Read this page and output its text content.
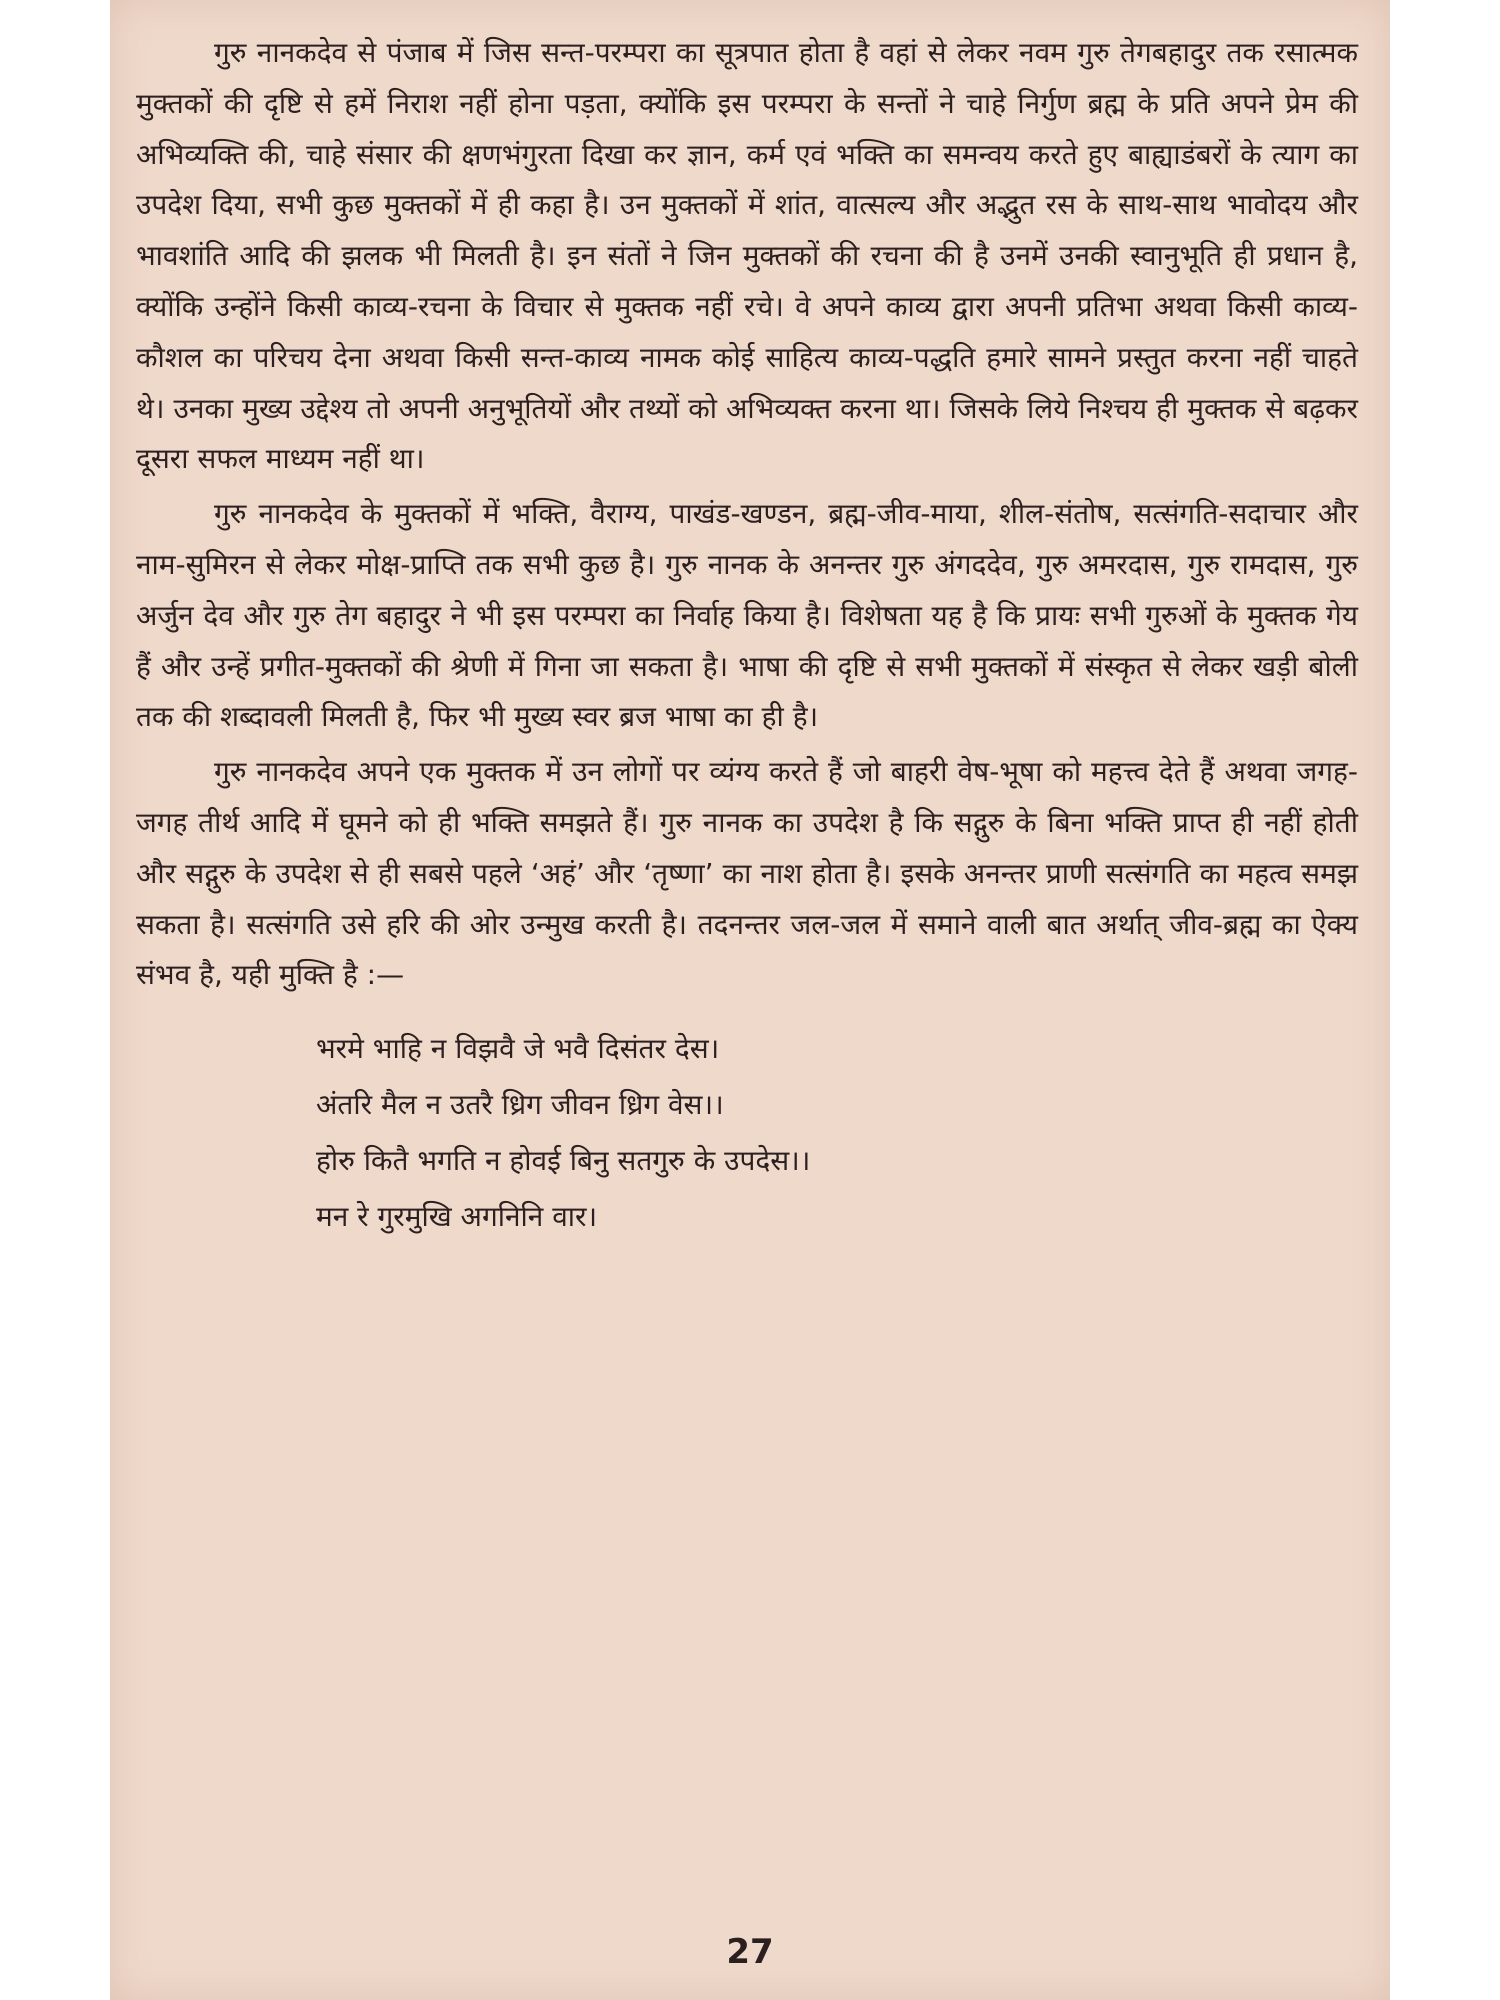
गुरु नानकदेव से पंजाब में जिस सन्त-परम्परा का सूत्रपात होता है वहां से लेकर नवम गुरु तेगबहादुर तक रसात्मक मुक्तकों की दृष्टि से हमें निराश नहीं होना पड़ता, क्योंकि इस परम्परा के सन्तों ने चाहे निर्गुण ब्रह्म के प्रति अपने प्रेम की अभिव्यक्ति की, चाहे संसार की क्षणभंगुरता दिखा कर ज्ञान, कर्म एवं भक्ति का समन्वय करते हुए बाह्याडंबरों के त्याग का उपदेश दिया, सभी कुछ मुक्तकों में ही कहा है। उन मुक्तकों में शांत, वात्सल्य और अद्भुत रस के साथ-साथ भावोदय और भावशांति आदि की झलक भी मिलती है। इन संतों ने जिन मुक्तकों की रचना की है उनमें उनकी स्वानुभूति ही प्रधान है, क्योंकि उन्होंने किसी काव्य-रचना के विचार से मुक्तक नहीं रचे। वे अपने काव्य द्वारा अपनी प्रतिभा अथवा किसी काव्य-कौशल का परिचय देना अथवा किसी सन्त-काव्य नामक कोई साहित्य काव्य-पद्धति हमारे सामने प्रस्तुत करना नहीं चाहते थे। उनका मुख्य उद्देश्य तो अपनी अनुभूतियों और तथ्यों को अभिव्यक्त करना था। जिसके लिये निश्चय ही मुक्तक से बढ़कर दूसरा सफल माध्यम नहीं था।

गुरु नानकदेव के मुक्तकों में भक्ति, वैराग्य, पाखंड-खण्डन, ब्रह्म-जीव-माया, शील-संतोष, सत्संगति-सदाचार और नाम-सुमिरन से लेकर मोक्ष-प्राप्ति तक सभी कुछ है। गुरु नानक के अनन्तर गुरु अंगददेव, गुरु अमरदास, गुरु रामदास, गुरु अर्जुन देव और गुरु तेग बहादुर ने भी इस परम्परा का निर्वाह किया है। विशेषता यह है कि प्रायः सभी गुरुओं के मुक्तक गेय हैं और उन्हें प्रगीत-मुक्तकों की श्रेणी में गिना जा सकता है। भाषा की दृष्टि से सभी मुक्तकों में संस्कृत से लेकर खड़ी बोली तक की शब्दावली मिलती है, फिर भी मुख्य स्वर ब्रज भाषा का ही है।

गुरु नानकदेव अपने एक मुक्तक में उन लोगों पर व्यंग्य करते हैं जो बाहरी वेष-भूषा को महत्त्व देते हैं अथवा जगह-जगह तीर्थ आदि में घूमने को ही भक्ति समझते हैं। गुरु नानक का उपदेश है कि सद्गुरु के बिना भक्ति प्राप्त ही नहीं होती और सद्गुरु के उपदेश से ही सबसे पहले ‘अहं’ और ‘तृष्णा’ का नाश होता है। इसके अनन्तर प्राणी सत्संगति का महत्व समझ सकता है। सत्संगति उसे हरि की ओर उन्मुख करती है। तदनन्तर जल-जल में समाने वाली बात अर्थात् जीव-ब्रह्म का ऐक्य संभव है, यही मुक्ति है :—

भरमे भाहि न विझवै जे भवै दिसंतर देस।
अंतरि मैल न उतरै ध्रिग जीवन ध्रिग वेस।।
होरु कितै भगति न होवई बिनु सतगुरु के उपदेस।।
मन रे गुरमुखि अगनिनि वार।
27
